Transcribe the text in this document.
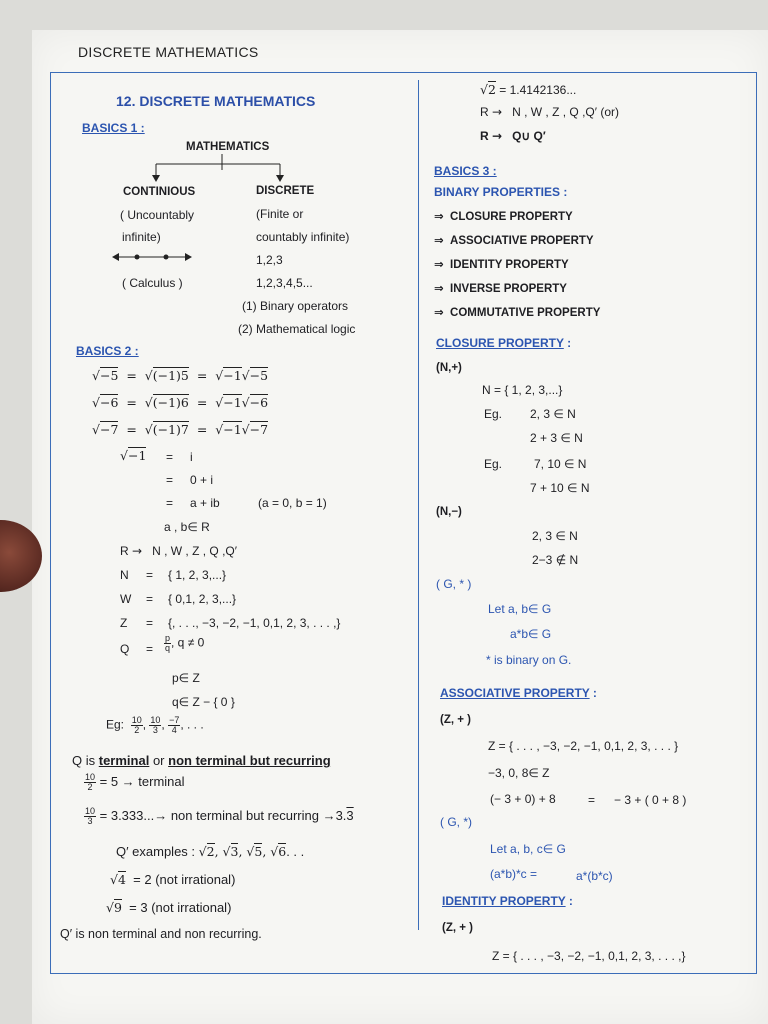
DISCRETE MATHEMATICS
12. DISCRETE MATHEMATICS
BASICS 1 :
MATHEMATICS
CONTINIOUS	DISCRETE
( Uncountably
infinite)
(Finite or
countably infinite)
1,2,3
( Calculus )	1,2,3,4,5...
(1) Binary operators
(2) Mathematical logic
BASICS 2 :
√−5  =  √(−1)5  =  √−1√−5
√−6  =  √(−1)6  =  √−1√−6
√−7  =  √(−1)7  =  √−1√−7
√−1 = i
= 0 + i
= a + ib	(a = 0, b = 1)
a , b∈ R
R → N , W , Z , Q ,Q′
N = { 1, 2, 3,...}
W = { 0,1, 2, 3,...}
Z = {, . . ., −3, −2, −1, 0,1, 2, 3, . . . ,}
$Q = \frac{p}{q}$ , q ≠ 0
p∈ Z
q∈ Z − { 0 }
Eg: $\frac{10}{2}$ , $\frac{10}{3}$ , $\frac{-7}{4}$ , . . .
Q is terminal or non terminal but recurring
$\frac{10}{2} = 5$ → terminal
$\frac{10}{3} = 3.333...\to$ non terminal but recurring →3.3
Q′ examples : √2, √3, √5, √6. . .
√4 = 2 (not irrational)
√9 = 3 (not irrational)
Q′ is non terminal and non recurring.
√2 = 1.4142136...
R → N , W , Z , Q ,Q′ (or)
R → Q∪ Q′
BASICS 3 :
BINARY PROPERTIES :
⇒ CLOSURE PROPERTY
⇒ ASSOCIATIVE PROPERTY
⇒ IDENTITY PROPERTY
⇒ INVERSE PROPERTY
⇒ COMMUTATIVE PROPERTY
CLOSURE PROPERTY :
(N,+)
N = { 1, 2, 3,...}
Eg. 2, 3 ∈ N
2 + 3 ∈ N
Eg.	7, 10 ∈ N
7 + 10 ∈ N
(N,−)
2, 3 ∈ N
2−3 ∉ N
( G, * )
Let a, b∈ G
a*b∈ G
* is binary on G.
ASSOCIATIVE PROPERTY :
(Z, + )
Z = { . . . , −3, −2, −1, 0,1, 2, 3, . . . }
−3, 0, 8∈ Z
(− 3 + 0) + 8	= − 3 + ( 0 + 8 )
( G, *)
Let a, b, c∈ G
(a*b)*c =	a*(b*c)
IDENTITY PROPERTY :
(Z, + )
Z = { . . . , −3, −2, −1, 0,1, 2, 3, . . . ,}
